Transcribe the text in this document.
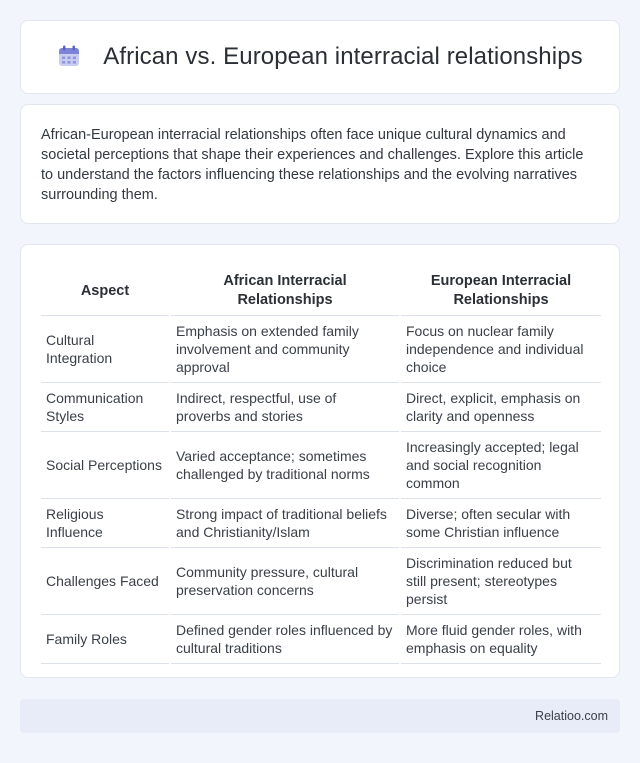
African vs. European interracial relationships

African-European interracial relationships often face unique cultural dynamics and societal perceptions that shape their experiences and challenges. Explore this article to understand the factors influencing these relationships and the evolving narratives surrounding them.

Aspect	African Interracial Relationships	European Interracial Relationships
Cultural Integration	Emphasis on extended family involvement and community approval	Focus on nuclear family independence and individual choice
Communication Styles	Indirect, respectful, use of proverbs and stories	Direct, explicit, emphasis on clarity and openness
Social Perceptions	Varied acceptance; sometimes challenged by traditional norms	Increasingly accepted; legal and social recognition common
Religious Influence	Strong impact of traditional beliefs and Christianity/Islam	Diverse; often secular with some Christian influence
Challenges Faced	Community pressure, cultural preservation concerns	Discrimination reduced but still present; stereotypes persist
Family Roles	Defined gender roles influenced by cultural traditions	More fluid gender roles, with emphasis on equality
Relatioo.com
